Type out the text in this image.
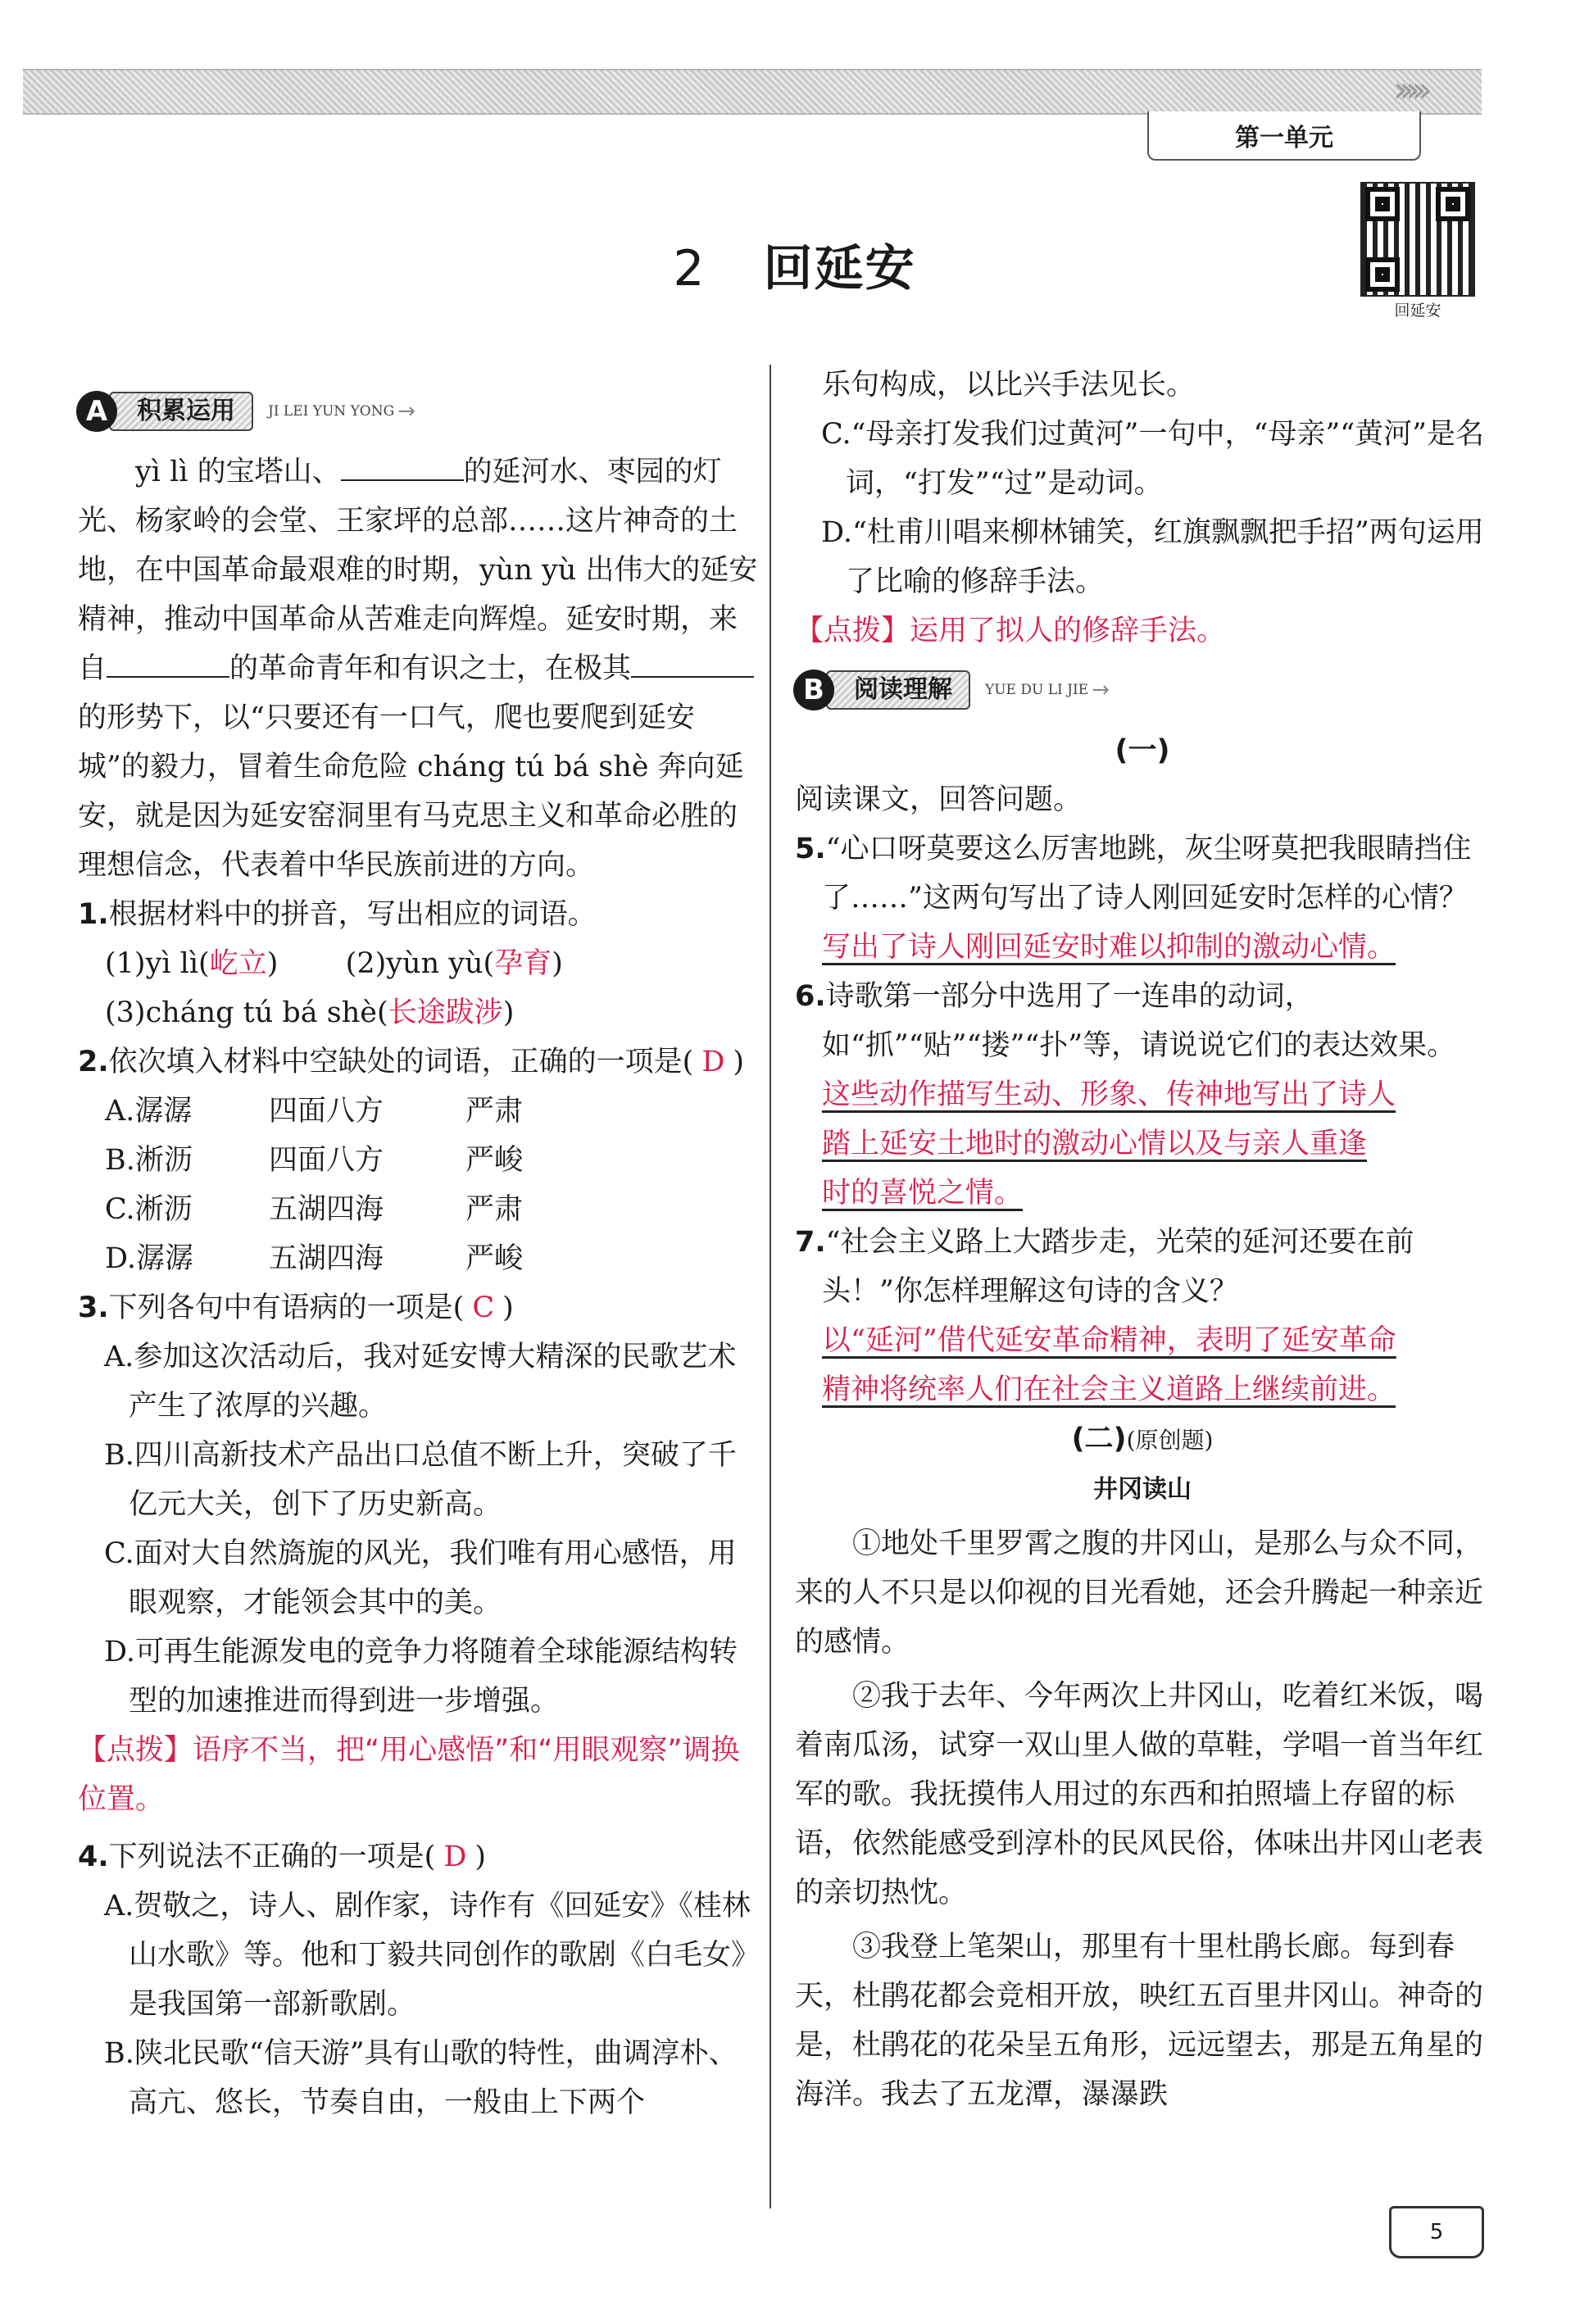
›››››
第一单元
2 回延安
回延安
A	积累运用	JI LEI YUN YONG →

yì lì 的宝塔山、	的延河水、枣园的灯光、杨家岭的会堂、王家坪的总部……这片神奇的土地，在中国革命最艰难的时期，yùn yù 出伟大的延安精神，推动中国革命从苦难走向辉煌。延安时期，来自	的革命青年和有识之士，在极其的形势下，以“只要还有一口气，爬也要爬到延安城”的毅力，冒着生命危险 cháng tú bá shè 奔向延安，就是因为延安窑洞里有马克思主义和革命必胜的理想信念，代表着中华民族前进的方向。

1.根据材料中的拼音，写出相应的词语。

(1)yì lì(屹立) (2)yùn yù(孕育)

(3)cháng tú bá shè(长途跋涉)

2.依次填入材料中空缺处的词语，正确的一项是( D )

A.潺潺	四面八方	严肃

B.淅沥	四面八方	严峻

C.淅沥	五湖四海	严肃

D.潺潺	五湖四海	严峻

3.下列各句中有语病的一项是( C )

A.参加这次活动后，我对延安博大精深的民歌艺术产生了浓厚的兴趣。

B.四川高新技术产品出口总值不断上升，突破了千亿元大关，创下了历史新高。

C.面对大自然旖旎的风光，我们唯有用心感悟，用眼观察，才能领会其中的美。

D.可再生能源发电的竞争力将随着全球能源结构转型的加速推进而得到进一步增强。

【点拨】语序不当，把“用心感悟”和“用眼观察”调换位置。

4.下列说法不正确的一项是( D )

A.贺敬之，诗人、剧作家，诗作有《回延安》《桂林山水歌》等。他和丁毅共同创作的歌剧《白毛女》是我国第一部新歌剧。

B.陕北民歌“信天游”具有山歌的特性，曲调淳朴、高亢、悠长，节奏自由，一般由上下两个

乐句构成，以比兴手法见长。

C.“母亲打发我们过黄河”一句中，“母亲”“黄河”是名词，“打发”“过”是动词。

D.“杜甫川唱来柳林铺笑，红旗飘飘把手招”两句运用了比喻的修辞手法。

【点拨】运用了拟人的修辞手法。

B	阅读理解	YUE DU LI JIE →

(一)

阅读课文，回答问题。

5.“心口呀莫要这么厉害地跳，灰尘呀莫把我眼睛挡住了……”这两句写出了诗人刚回延安时怎样的心情？

写出了诗人刚回延安时难以抑制的激动心情。

6.诗歌第一部分中选用了一连串的动词，如“抓”“贴”“搂”“扑”等，请说说它们的表达效果。

这些动作描写生动、形象、传神地写出了诗人

踏上延安土地时的激动心情以及与亲人重逢

时的喜悦之情。

7.“社会主义路上大踏步走，光荣的延河还要在前头！”你怎样理解这句诗的含义？

以“延河”借代延安革命精神，表明了延安革命

精神将统率人们在社会主义道路上继续前进。

(二)(原创题)

井冈读山

①地处千里罗霄之腹的井冈山，是那么与众不同，来的人不只是以仰视的目光看她，还会升腾起一种亲近的感情。

②我于去年、今年两次上井冈山，吃着红米饭，喝着南瓜汤，试穿一双山里人做的草鞋，学唱一首当年红军的歌。我抚摸伟人用过的东西和拍照墙上存留的标语，依然能感受到淳朴的民风民俗，体味出井冈山老表的亲切热忱。

③我登上笔架山，那里有十里杜鹃长廊。每到春天，杜鹃花都会竞相开放，映红五百里井冈山。神奇的是，杜鹃花的花朵呈五角形，远远望去，那是五角星的海洋。我去了五龙潭，瀑瀑跌

5
